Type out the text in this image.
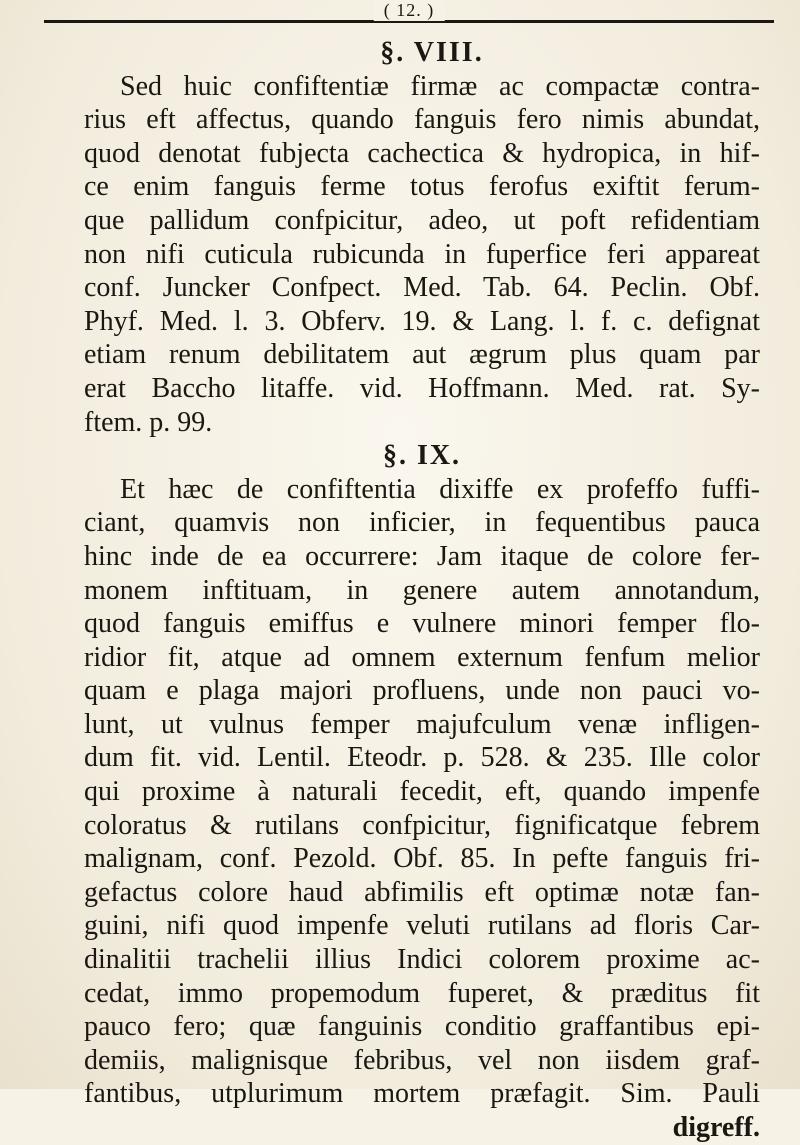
( 12. )
§. VIII.
Sed huic confiftentiæ firmæ ac compactæ contra-
rius eft affectus, quando fanguis fero nimis abundat,
quod denotat fubjecta cachectica & hydropica, in hif-
ce enim fanguis ferme totus ferofus exiftit ferum-
que pallidum confpicitur, adeo, ut poft refidentiam
non nifi cuticula rubicunda in fuperfice feri appareat
conf. Juncker Confpect. Med. Tab. 64. Peclin. Obf.
Phyf. Med. l. 3. Obferv. 19. & Lang. l. f. c. defignat
etiam renum debilitatem aut ægrum plus quam par
erat Baccho litaffe. vid. Hoffmann. Med. rat. Sy-
ftem. p. 99.
§. IX.
Et hæc de confiftentia dixiffe ex profeffo fuffi-
ciant, quamvis non inficier, in fequentibus pauca
hinc inde de ea occurrere: Jam itaque de colore fer-
monem inftituam, in genere autem annotandum,
quod fanguis emiffus e vulnere minori femper flo-
ridior fit, atque ad omnem externum fenfum melior
quam e plaga majori profluens, unde non pauci vo-
lunt, ut vulnus femper majufculum venæ infligen-
dum fit. vid. Lentil. Eteodr. p. 528. & 235. Ille color
qui proxime à naturali fecedit, eft, quando impenfe
coloratus & rutilans confpicitur, fignificatque febrem
malignam, conf. Pezold. Obf. 85. In pefte fanguis fri-
gefactus colore haud abfimilis eft optimæ notæ fan-
guini, nifi quod impenfe veluti rutilans ad floris Car-
dinalitii trachelii illius Indici colorem proxime ac-
cedat, immo propemodum fuperet, & præditus fit
pauco fero; quæ fanguinis conditio graffantibus epi-
demiis, malignisque febribus, vel non iisdem graf-
fantibus, utplurimum mortem præfagit. Sim. Pauli
digreff.
